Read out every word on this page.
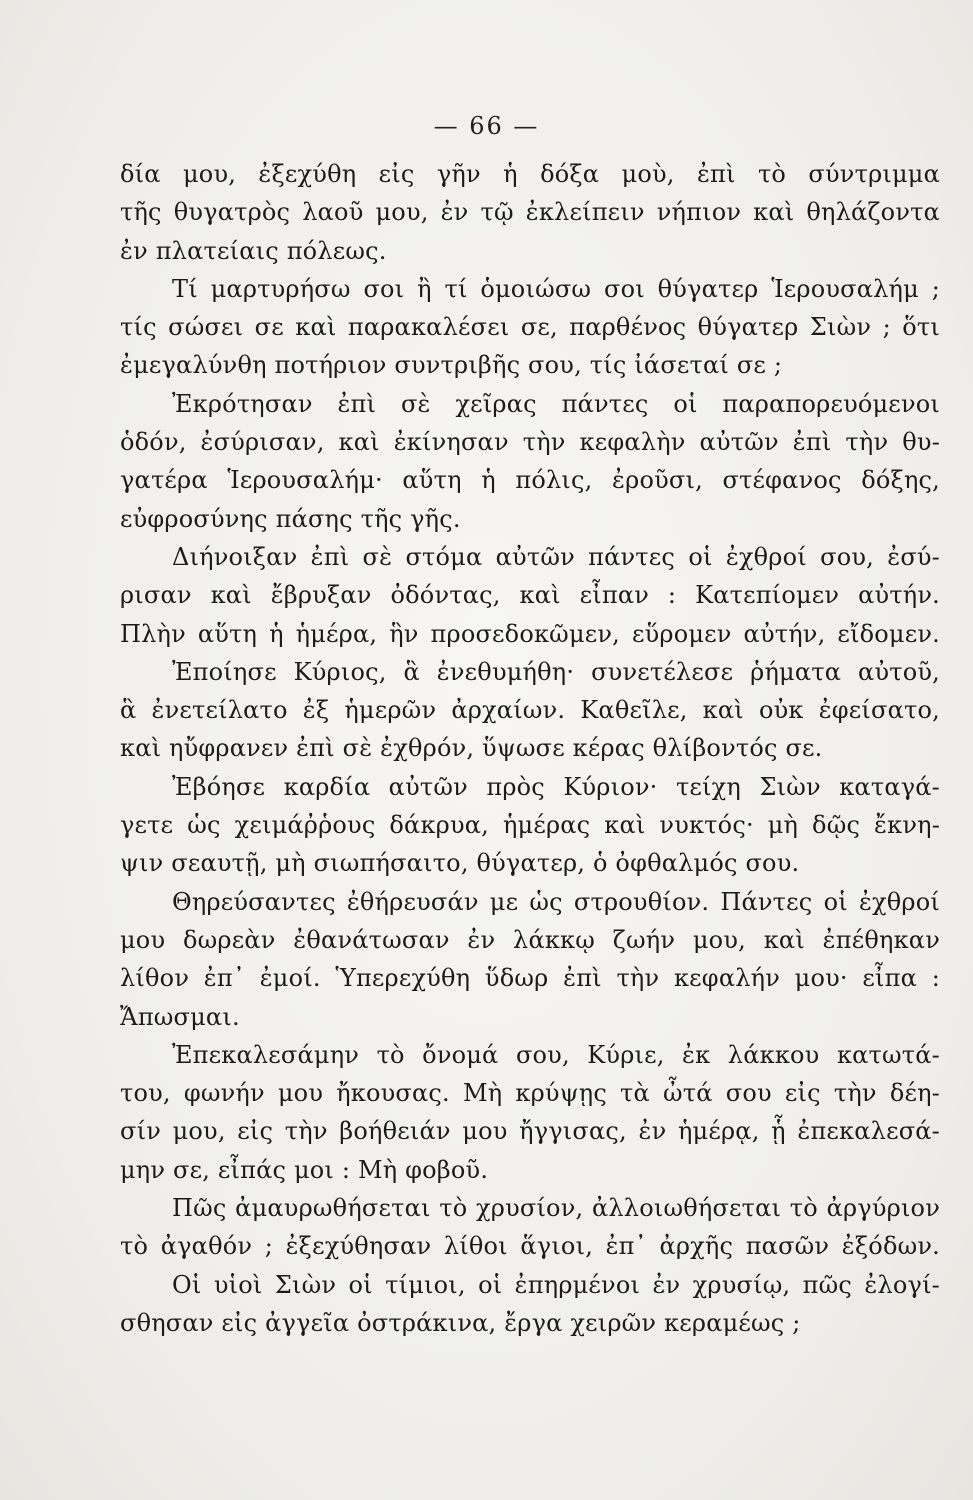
— 66 —
δία μου, ἐξεχύθη εἰς γῆν ἡ δόξα μοὺ, ἐπὶ τὸ σύντριμμα
τῆς θυγατρὸς λαοῦ μου, ἐν τῷ ἐκλείπειν νήπιον καὶ θηλάζοντα
ἐν πλατείαις πόλεως.
Τί μαρτυρήσω σοι ἢ τί ὁμοιώσω σοι θύγατερ Ἱερουσαλήμ ;
τίς σώσει σε καὶ παρακαλέσει σε, παρθένος θύγατερ Σιὼν ; ὅτι
ἐμεγαλύνθη ποτήριον συντριβῆς σου, τίς ἰάσεταί σε ;
Ἐκρότησαν ἐπὶ σὲ χεῖρας πάντες οἱ παραπορευόμενοι
ὁδόν, ἐσύρισαν, καὶ ἐκίνησαν τὴν κεφαλὴν αὐτῶν ἐπὶ τὴν θυ-
γατέρα Ἱερουσαλήμ· αὕτη ἡ πόλις, ἐροῦσι, στέφανος δόξης,
εὐφροσύνης πάσης τῆς γῆς.
Διήνοιξαν ἐπὶ σὲ στόμα αὐτῶν πάντες οἱ ἐχθροί σου, ἐσύ-
ρισαν καὶ ἔβρυξαν ὀδόντας, καὶ εἶπαν : Κατεπίομεν αὐτήν.
Πλὴν αὕτη ἡ ἡμέρα, ἣν προσεδοκῶμεν, εὕρομεν αὐτήν, εἴδομεν.
Ἐποίησε Κύριος, ἃ ἐνεθυμήθη· συνετέλεσε ῥήματα αὐτοῦ,
ἃ ἐνετείλατο ἐξ ἡμερῶν ἀρχαίων. Καθεῖλε, καὶ οὐκ ἐφείσατο,
καὶ ηὔφρανεν ἐπὶ σὲ ἐχθρόν, ὕψωσε κέρας θλίβοντός σε.
Ἐβόησε καρδία αὐτῶν πρὸς Κύριον· τείχη Σιὼν καταγά-
γετε ὡς χειμάῤῥους δάκρυα, ἡμέρας καὶ νυκτός· μὴ δῷς ἔκνη-
ψιν σεαυτῇ, μὴ σιωπήσαιτο, θύγατερ, ὁ ὀφθαλμός σου.
Θηρεύσαντες ἐθήρευσάν με ὡς στρουθίον. Πάντες οἱ ἐχθροί
μου δωρεὰν ἐθανάτωσαν ἐν λάκκῳ ζωήν μου, καὶ ἐπέθηκαν
λίθον ἐπ᾽ ἐμοί. Ὑπερεχύθη ὕδωρ ἐπὶ τὴν κεφαλήν μου· εἶπα :
Ἄπωσμαι.
Ἐπεκαλεσάμην τὸ ὄνομά σου, Κύριε, ἐκ λάκκου κατωτά-
του, φωνήν μου ἤκουσας. Μὴ κρύψῃς τὰ ὦτά σου εἰς τὴν δέη-
σίν μου, εἰς τὴν βοήθειάν μου ἤγγισας, ἐν ἡμέρᾳ, ᾗ ἐπεκαλεσά-
μην σε, εἶπάς μοι : Μὴ φοβοῦ.
Πῶς ἀμαυρωθήσεται τὸ χρυσίον, ἀλλοιωθήσεται τὸ ἀργύριον
τὸ ἀγαθόν ; ἐξεχύθησαν λίθοι ἅγιοι, ἐπ᾽ ἀρχῆς πασῶν ἐξόδων.
Οἱ υἱοὶ Σιὼν οἱ τίμιοι, οἱ ἐπηρμένοι ἐν χρυσίῳ, πῶς ἐλογί-
σθησαν εἰς ἀγγεῖα ὀστράκινα, ἔργα χειρῶν κεραμέως ;
